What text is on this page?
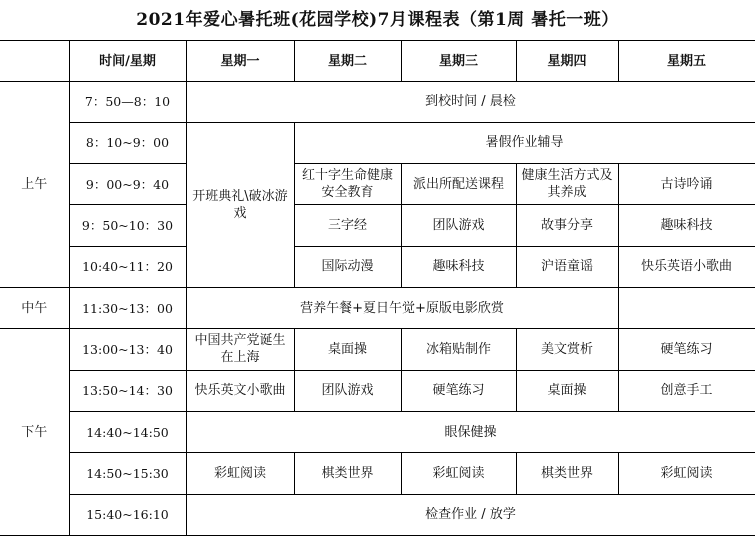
2021年爱心暑托班(花园学校)7月课程表（第1周 暑托一班）
	时间/星期	星期一	星期二	星期三	星期四	星期五
上午	7：50—8：10	到校时间 / 晨检				
	8：10~9：00	开班典礼\破冰游戏	暑假作业辅导			
	9：00~9：40		红十字生命健康安全教育	派出所配送课程	健康生活方式及其养成	古诗吟诵
	9：50~10：30		三字经	团队游戏	故事分享	趣味科技
	10:40~11：20		国际动漫	趣味科技	沪语童谣	快乐英语小歌曲
中午	11:30~13：00	营养午餐+夏日午觉+原版电影欣赏				
下午	13:00~13：40	中国共产党诞生在上海	桌面操	冰箱贴制作	美文赏析	硬笔练习
	13:50~14：30	快乐英文小歌曲	团队游戏	硬笔练习	桌面操	创意手工
	14:40~14:50	眼保健操				
	14:50~15:30	彩虹阅读	棋类世界	彩虹阅读	棋类世界	彩虹阅读
	15:40~16:10	检查作业 / 放学				
